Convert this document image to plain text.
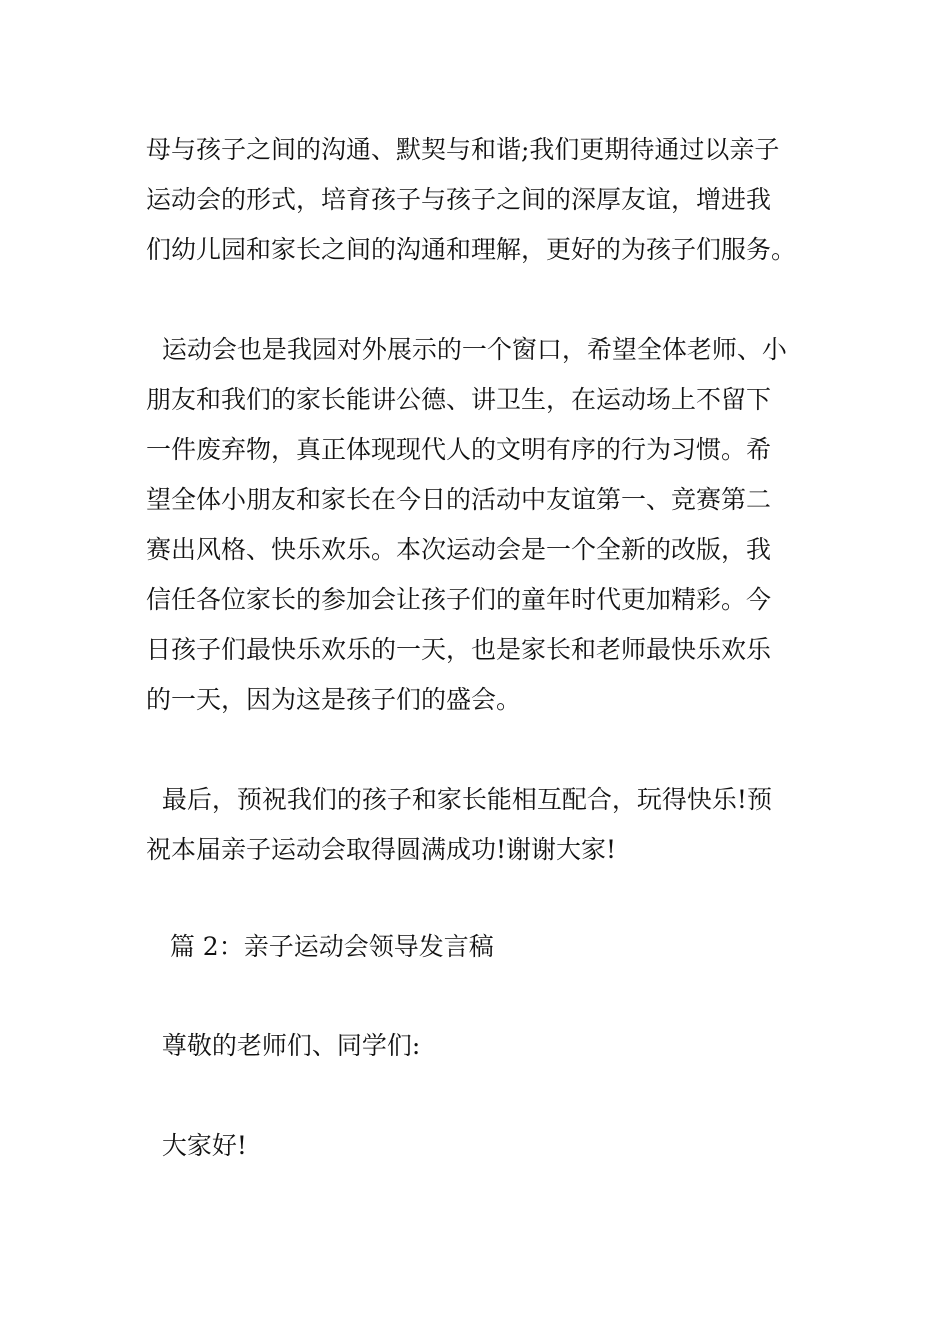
母与孩子之间的沟通、默契与和谐;我们更期待通过以亲子
运动会的形式，培育孩子与孩子之间的深厚友谊，增进我
们幼儿园和家长之间的沟通和理解，更好的为孩子们服务。

运动会也是我园对外展示的一个窗口，希望全体老师、小
朋友和我们的家长能讲公德、讲卫生，在运动场上不留下
一件废弃物，真正体现现代人的文明有序的行为习惯。希
望全体小朋友和家长在今日的活动中友谊第一、竞赛第二
赛出风格、快乐欢乐。本次运动会是一个全新的改版，我
信任各位家长的参加会让孩子们的童年时代更加精彩。今
日孩子们最快乐欢乐的一天，也是家长和老师最快乐欢乐
的一天，因为这是孩子们的盛会。

最后，预祝我们的孩子和家长能相互配合，玩得快乐!预
祝本届亲子运动会取得圆满成功!谢谢大家!

篇 2：亲子运动会领导发言稿

尊敬的老师们、同学们:

大家好!
